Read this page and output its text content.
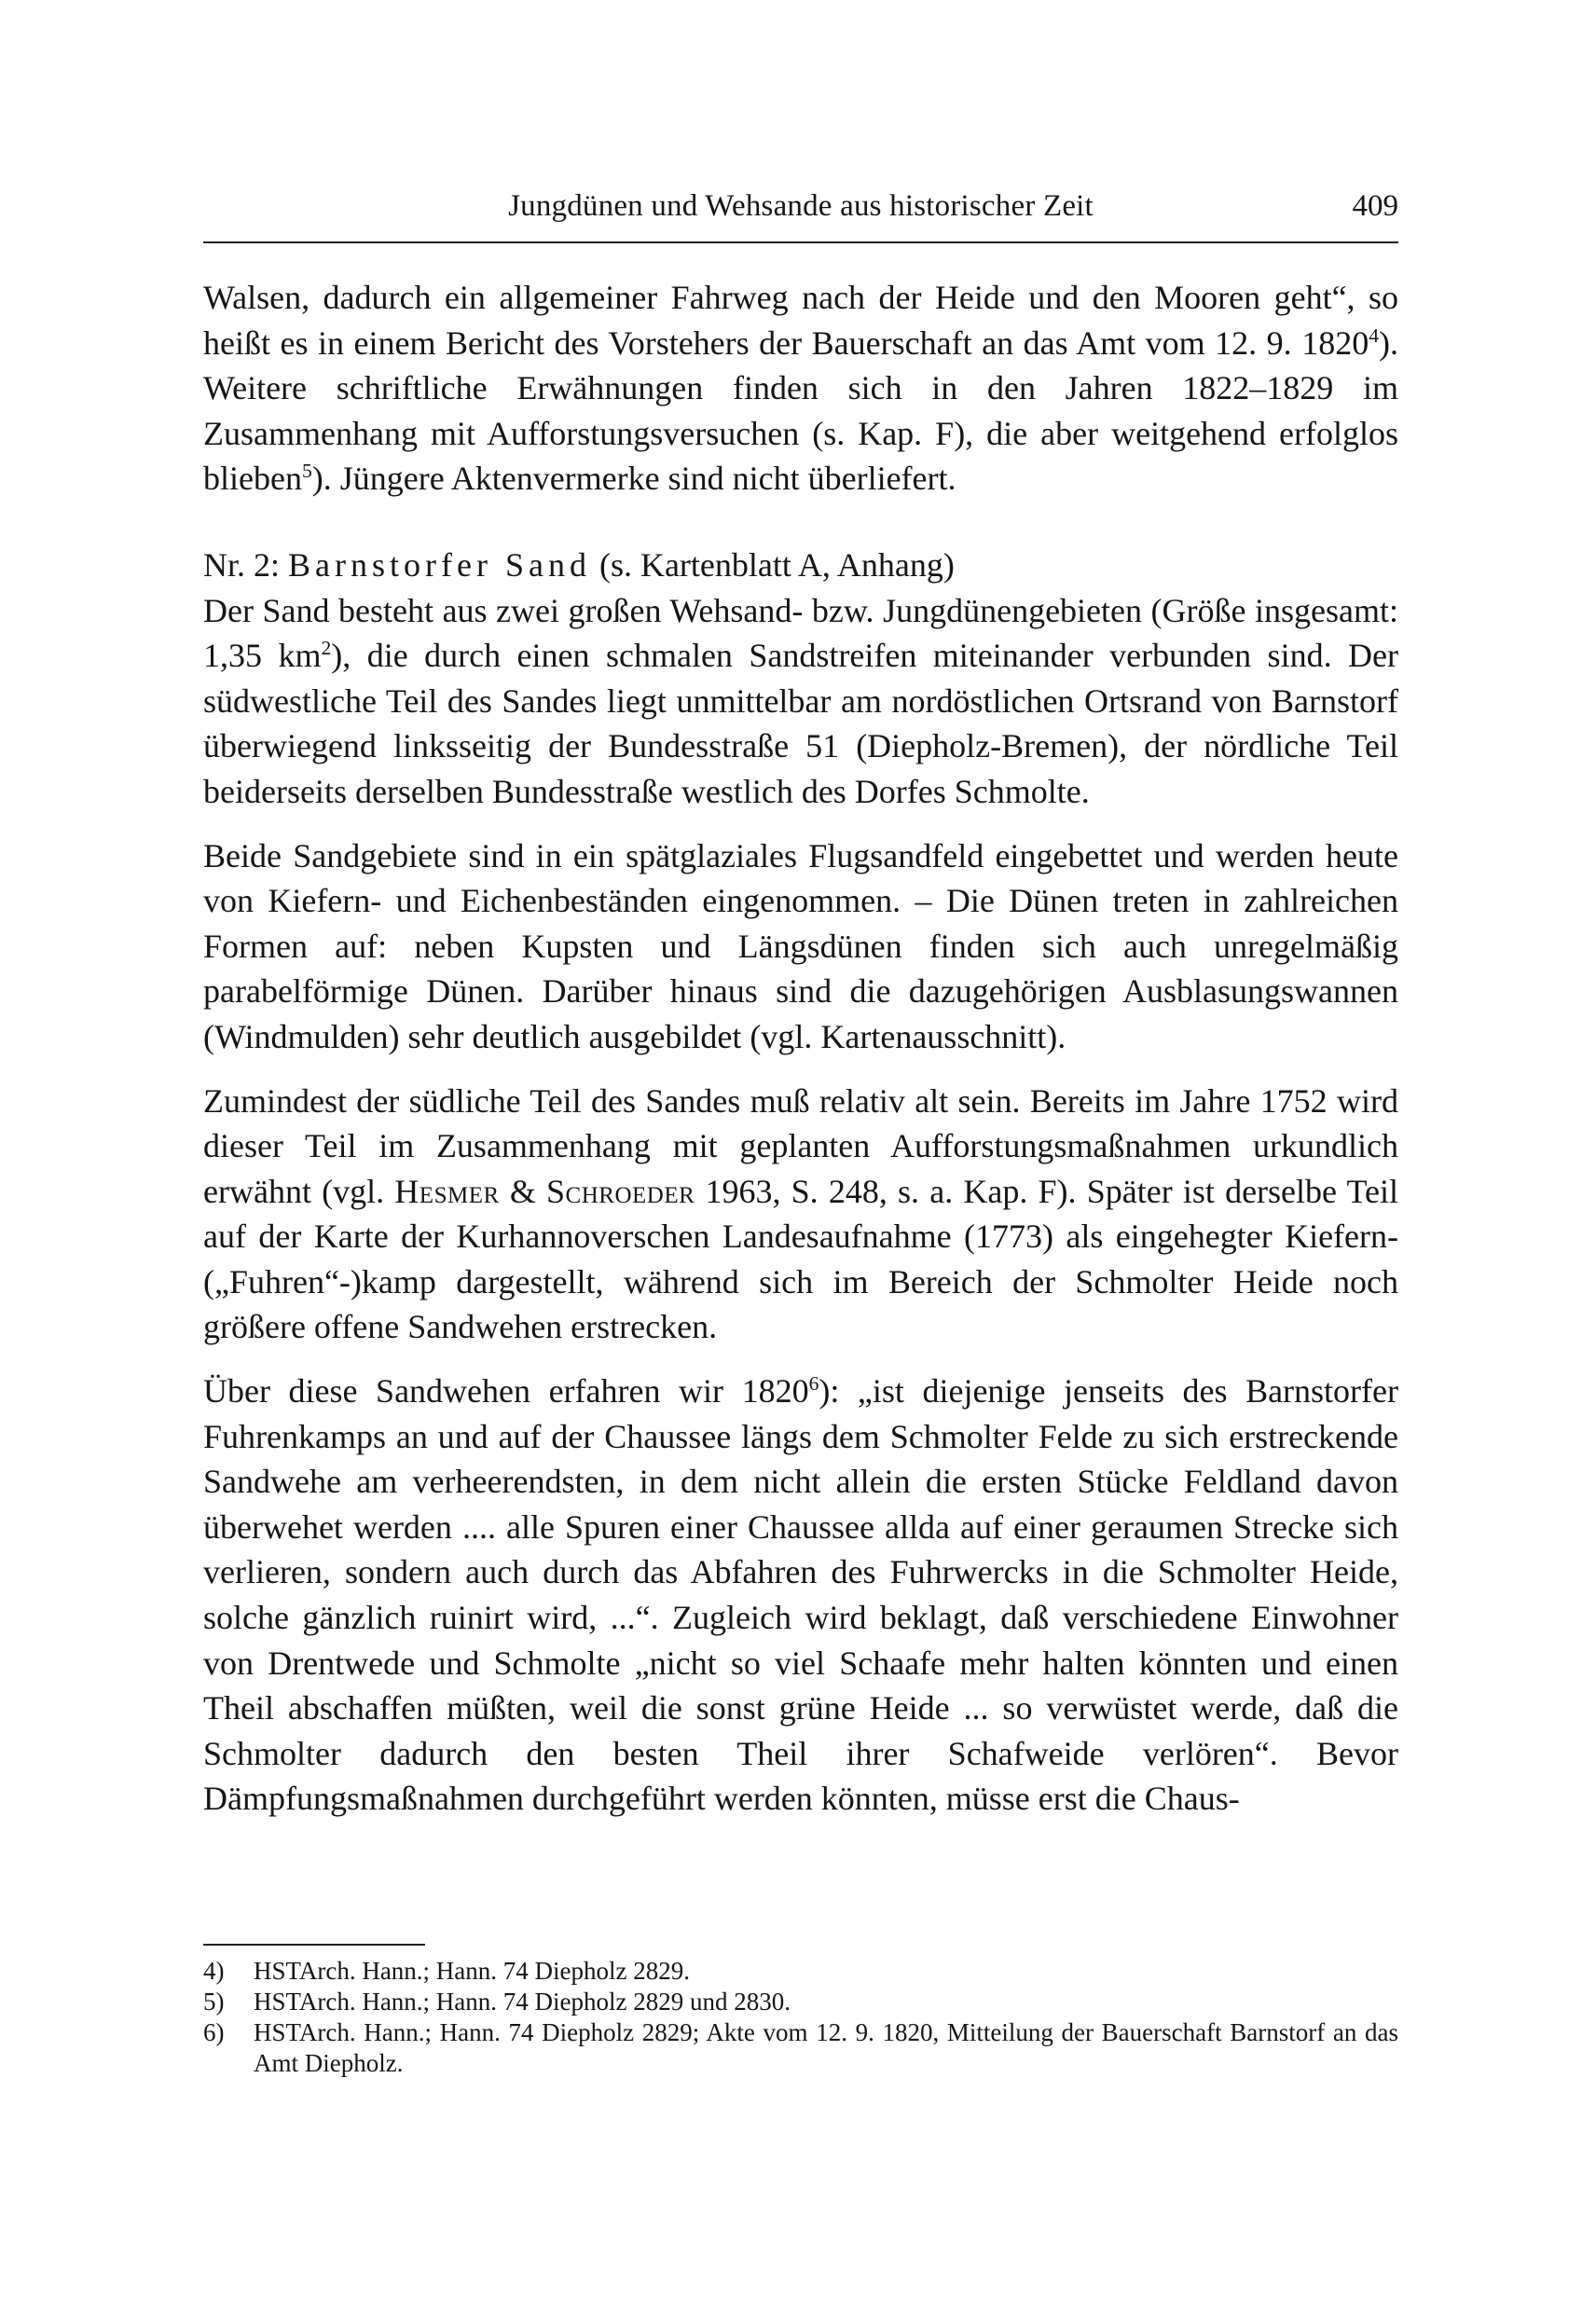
Jungdünen und Wehsande aus historischer Zeit	409

Walsen, dadurch ein allgemeiner Fahrweg nach der Heide und den Mooren geht“, so heißt es in einem Bericht des Vorstehers der Bauerschaft an das Amt vom 12. 9. 1820$^4$). Weitere schriftliche Erwähnungen finden sich in den Jahren 1822–1829 im Zusammenhang mit Aufforstungsversuchen (s. Kap. F), die aber weitgehend erfolglos blieben$^5$). Jüngere Aktenvermerke sind nicht überliefert.

Nr. 2: Barnstorfer Sand (s. Kartenblatt A, Anhang)

Der Sand besteht aus zwei großen Wehsand- bzw. Jungdünengebieten (Größe insgesamt: 1,35 $km^2$), die durch einen schmalen Sandstreifen miteinander verbunden sind. Der südwestliche Teil des Sandes liegt unmittelbar am nordöstlichen Ortsrand von Barnstorf überwiegend linksseitig der Bundesstraße 51 (Diepholz-Bremen), der nördliche Teil beiderseits derselben Bundesstraße westlich des Dorfes Schmolte.

Beide Sandgebiete sind in ein spätglaziales Flugsandfeld eingebettet und werden heute von Kiefern- und Eichenbeständen eingenommen. – Die Dünen treten in zahlreichen Formen auf: neben Kupsten und Längsdünen finden sich auch unregelmäßig parabelförmige Dünen. Darüber hinaus sind die dazugehörigen Ausblasungswannen (Windmulden) sehr deutlich ausgebildet (vgl. Kartenausschnitt).

Zumindest der südliche Teil des Sandes muß relativ alt sein. Bereits im Jahre 1752 wird dieser Teil im Zusammenhang mit geplanten Aufforstungsmaßnahmen urkundlich erwähnt (vgl. Hesmer & Schroeder 1963, S. 248, s. a. Kap. F). Später ist derselbe Teil auf der Karte der Kurhannoverschen Landesaufnahme (1773) als eingehegter Kiefern-(„Fuhren“-)kamp dargestellt, während sich im Bereich der Schmolter Heide noch größere offene Sandwehen erstrecken.

Über diese Sandwehen erfahren wir 1820$^6$): „ist diejenige jenseits des Barnstorfer Fuhrenkamps an und auf der Chaussee längs dem Schmolter Felde zu sich erstreckende Sandwehe am verheerendsten, in dem nicht allein die ersten Stücke Feldland davon überwehet werden .... alle Spuren einer Chaussee allda auf einer geraumen Strecke sich verlieren, sondern auch durch das Abfahren des Fuhrwercks in die Schmolter Heide, solche gänzlich ruinirt wird, ...“. Zugleich wird beklagt, daß verschiedene Einwohner von Drentwede und Schmolte „nicht so viel Schaafe mehr halten könnten und einen Theil abschaffen müßten, weil die sonst grüne Heide ... so verwüstet werde, daß die Schmolter dadurch den besten Theil ihrer Schafweide verlören“. Bevor Dämpfungsmaßnahmen durchgeführt werden könnten, müsse erst die Chaus-

4) HSTArch. Hann.; Hann. 74 Diepholz 2829.
5) HSTArch. Hann.; Hann. 74 Diepholz 2829 und 2830.
6) HSTArch. Hann.; Hann. 74 Diepholz 2829; Akte vom 12. 9. 1820, Mitteilung der Bauerschaft Barnstorf an das Amt Diepholz.
